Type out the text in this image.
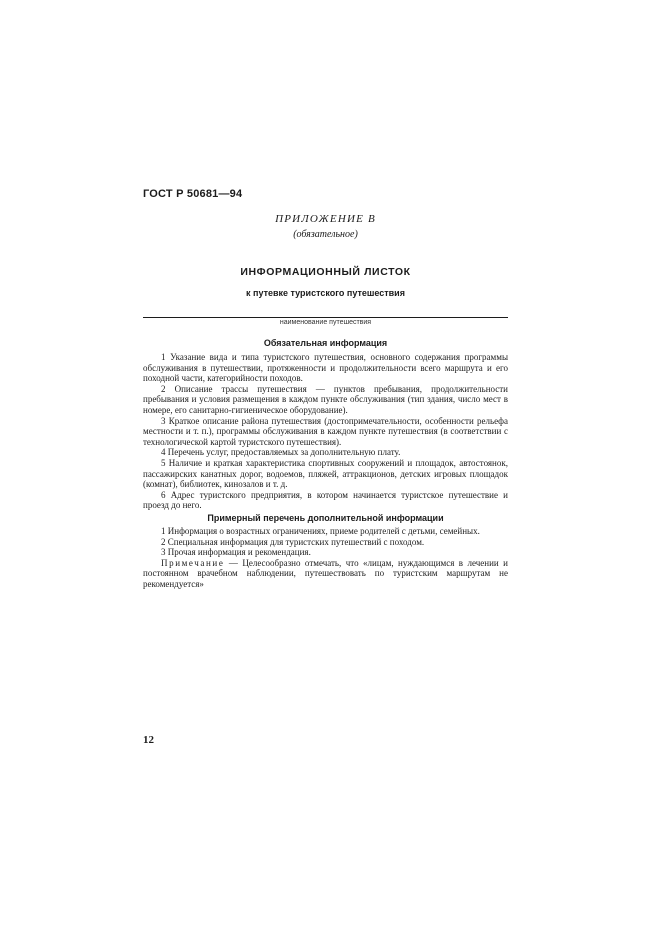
ГОСТ Р 50681—94
ПРИЛОЖЕНИЕ В
(обязательное)
ИНФОРМАЦИОННЫЙ ЛИСТОК
к путевке туристского путешествия
наименование путешествия
Обязательная информация

1 Указание вида и типа туристского путешествия, основного содержания программы обслуживания в путешествии, протяженности и продолжительности всего маршрута и его походной части, категорийности походов.

2 Описание трассы путешествия — пунктов пребывания, продолжительности пребывания и условия размещения в каждом пункте обслуживания (тип здания, число мест в номере, его санитарно-гигиеническое оборудование).

3 Краткое описание района путешествия (достопримечательности, особенности рельефа местности и т. п.), программы обслуживания в каждом пункте путешествия (в соответствии с технологической картой туристского путешествия).

4 Перечень услуг, предоставляемых за дополнительную плату.

5 Наличие и краткая характеристика спортивных сооружений и площадок, автостоянок, пассажирских канатных дорог, водоемов, пляжей, аттракционов, детских игровых площадок (комнат), библиотек, кинозалов и т. д.

6 Адрес туристского предприятия, в котором начинается туристское путешествие и проезд до него.

Примерный перечень дополнительной информации

1 Информация о возрастных ограничениях, приеме родителей с детьми, семейных.

2 Специальная информация для туристских путешествий с походом.

3 Прочая информация и рекомендация.

Примечание — Целесообразно отмечать, что «лицам, нуждающимся в лечении и постоянном врачебном наблюдении, путешествовать по туристским маршрутам не рекомендуется»

12
